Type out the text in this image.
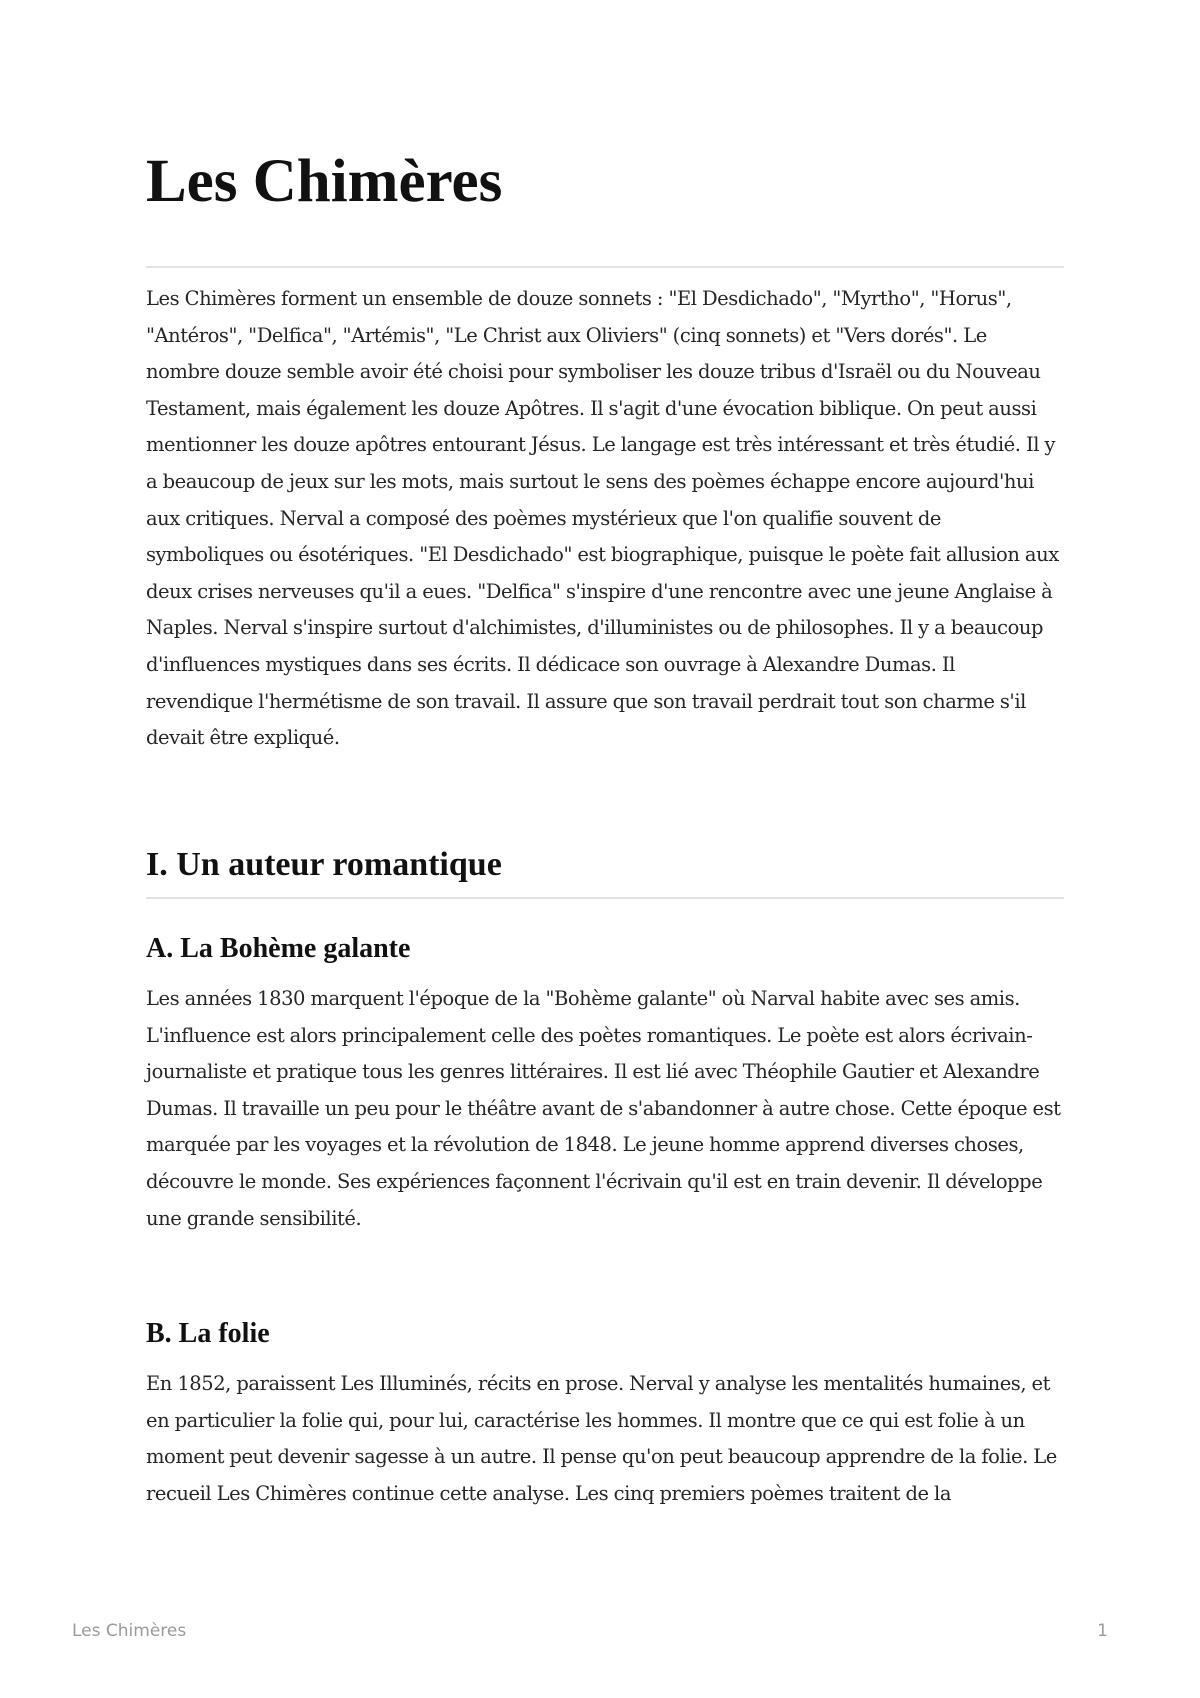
Les Chimères

Les Chimères forment un ensemble de douze sonnets : "El Desdichado", "Myrtho", "Horus", "Antéros", "Delfica", "Artémis", "Le Christ aux Oliviers" (cinq sonnets) et "Vers dorés". Le nombre douze semble avoir été choisi pour symboliser les douze tribus d'Israël ou du Nouveau Testament, mais également les douze Apôtres. Il s'agit d'une évocation biblique. On peut aussi mentionner les douze apôtres entourant Jésus. Le langage est très intéressant et très étudié. Il y a beaucoup de jeux sur les mots, mais surtout le sens des poèmes échappe encore aujourd'hui aux critiques. Nerval a composé des poèmes mystérieux que l'on qualifie souvent de symboliques ou ésotériques. "El Desdichado" est biographique, puisque le poète fait allusion aux deux crises nerveuses qu'il a eues. "Delfica" s'inspire d'une rencontre avec une jeune Anglaise à Naples. Nerval s'inspire surtout d'alchimistes, d'illuministes ou de philosophes. Il y a beaucoup d'influences mystiques dans ses écrits. Il dédicace son ouvrage à Alexandre Dumas. Il revendique l'hermétisme de son travail. Il assure que son travail perdrait tout son charme s'il devait être expliqué.

I. Un auteur romantique
A. La Bohème galante

Les années 1830 marquent l'époque de la "Bohème galante" où Narval habite avec ses amis. L'influence est alors principalement celle des poètes romantiques. Le poète est alors écrivain-journaliste et pratique tous les genres littéraires. Il est lié avec Théophile Gautier et Alexandre Dumas. Il travaille un peu pour le théâtre avant de s'abandonner à autre chose. Cette époque est marquée par les voyages et la révolution de 1848. Le jeune homme apprend diverses choses, découvre le monde. Ses expériences façonnent l'écrivain qu'il est en train devenir. Il développe une grande sensibilité.

B. La folie

En 1852, paraissent Les Illuminés, récits en prose. Nerval y analyse les mentalités humaines, et en particulier la folie qui, pour lui, caractérise les hommes. Il montre que ce qui est folie à un moment peut devenir sagesse à un autre. Il pense qu'on peut beaucoup apprendre de la folie. Le recueil Les Chimères continue cette analyse. Les cinq premiers poèmes traitent de la

Les Chimères	1
